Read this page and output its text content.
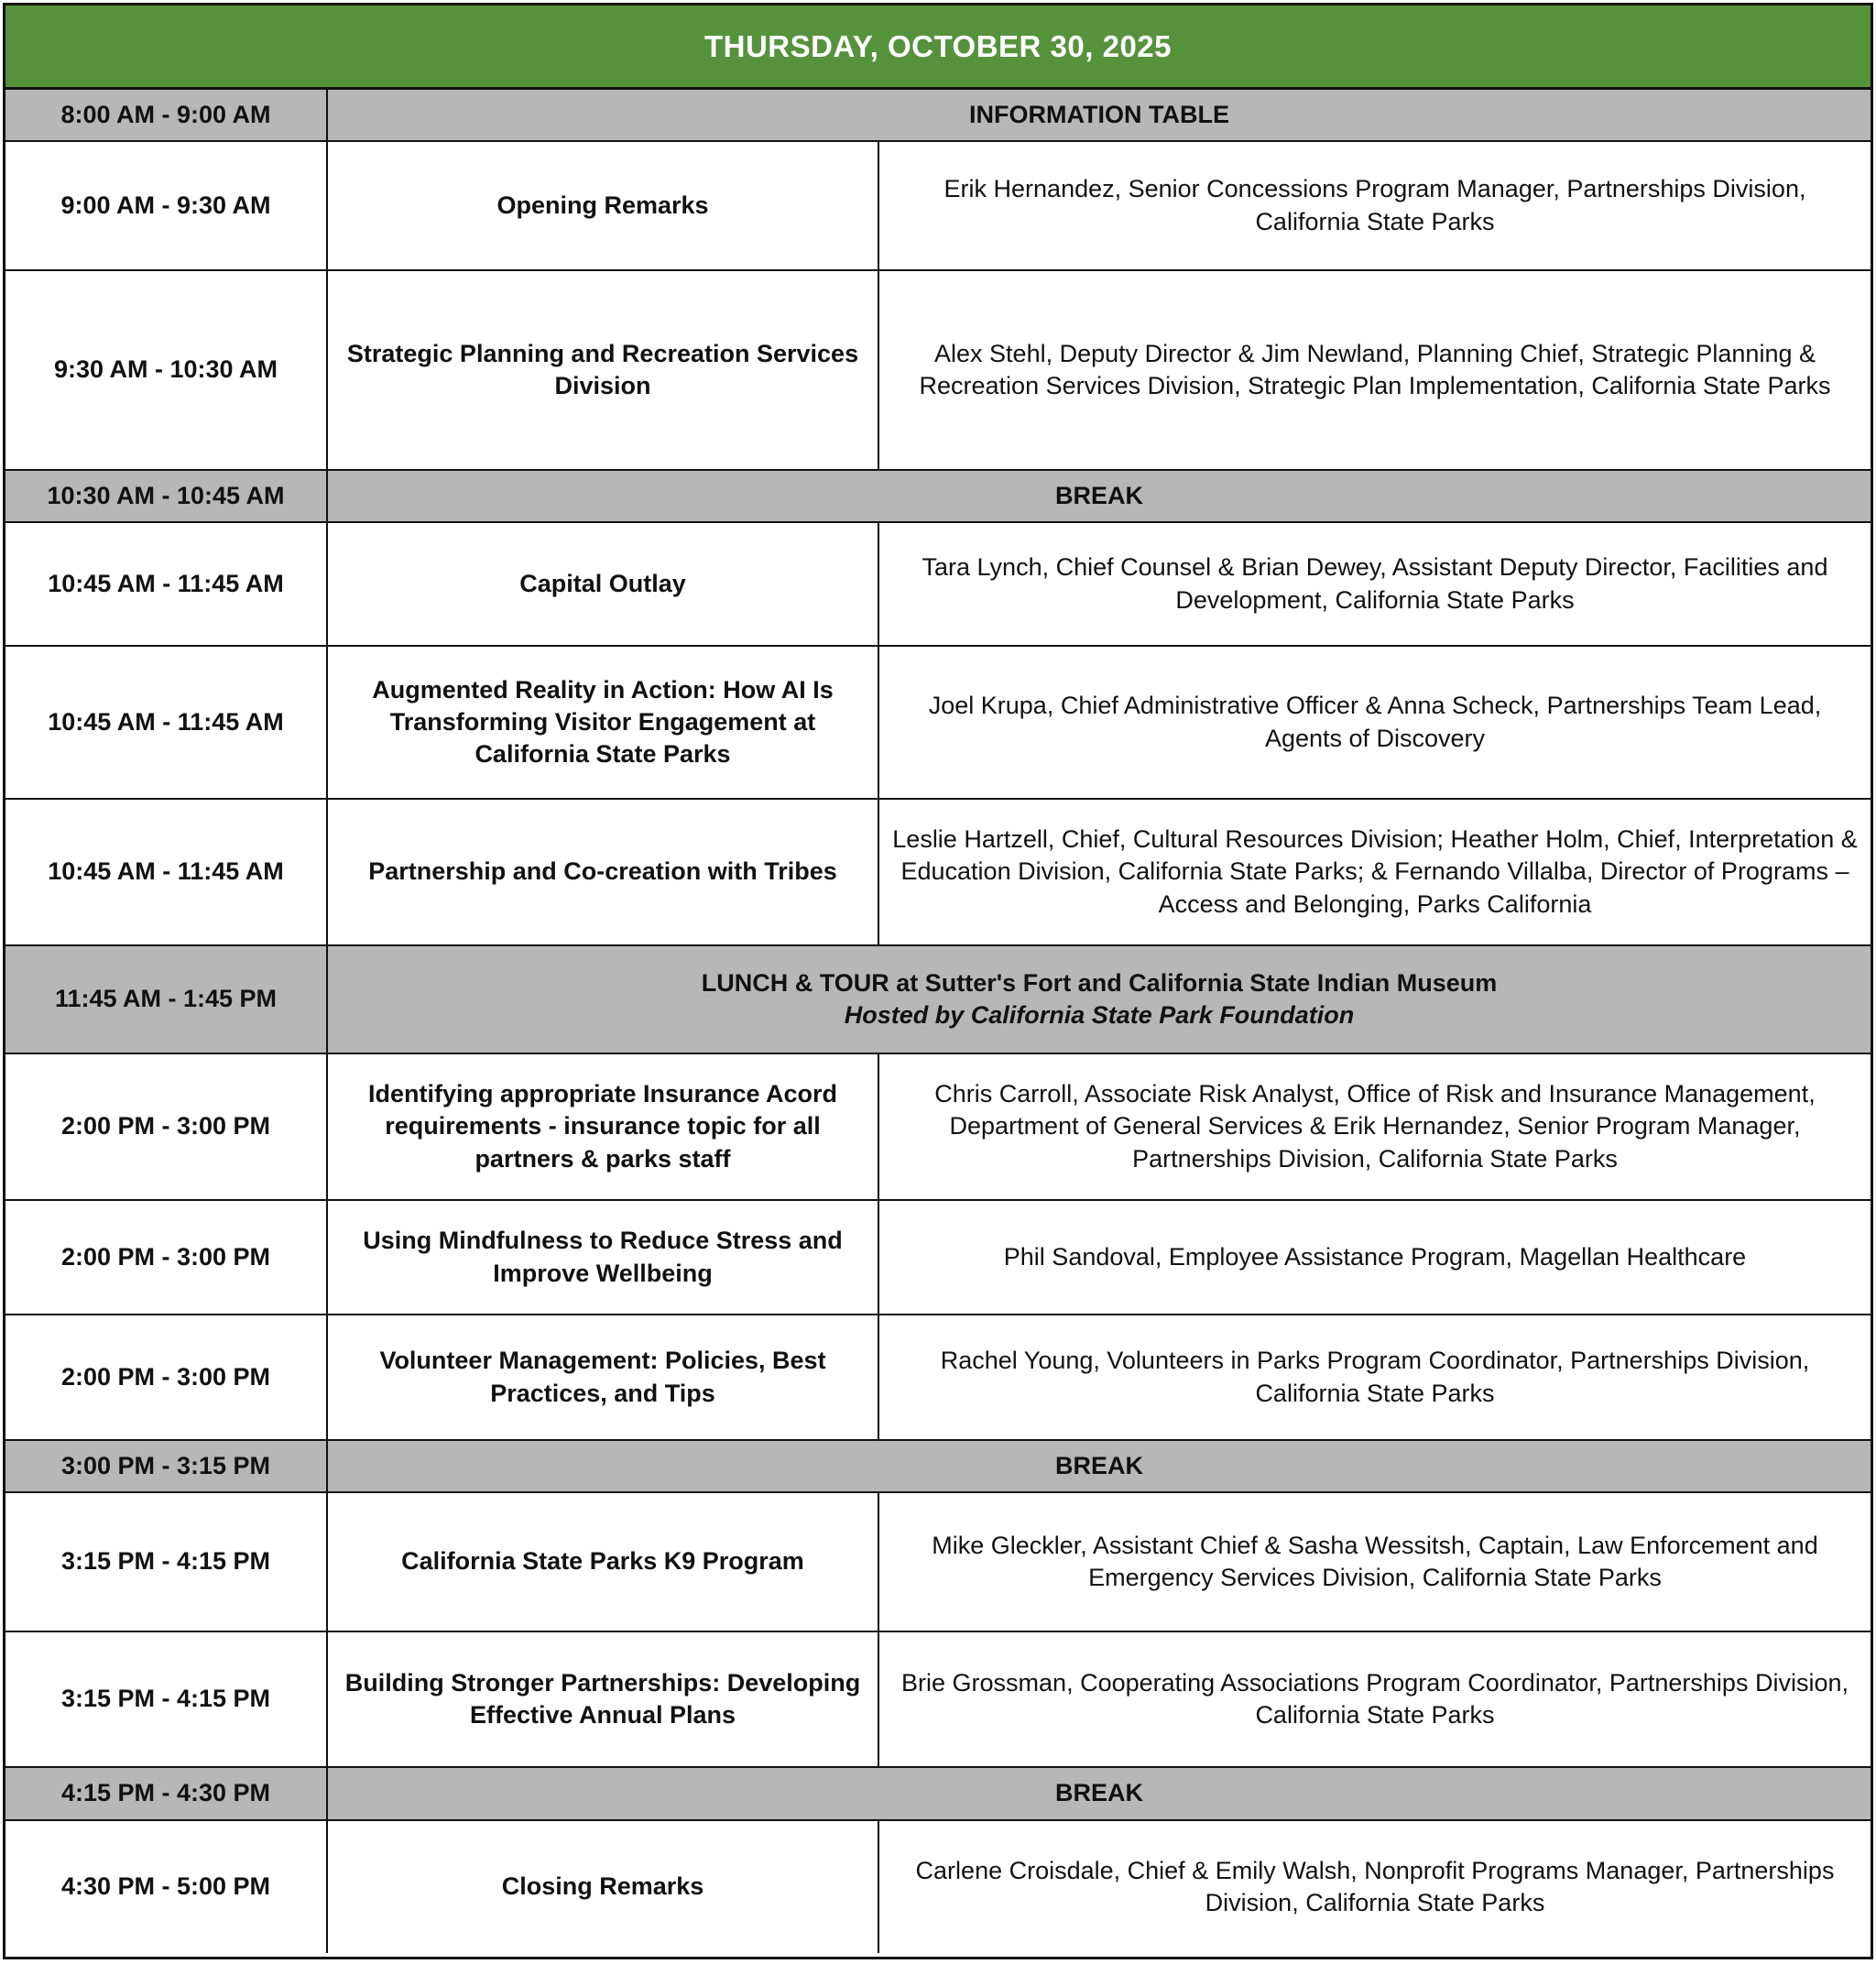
THURSDAY, OCTOBER 30, 2025
8:00 AM - 9:00 AM	INFORMATION TABLE	
9:00 AM - 9:30 AM	Opening Remarks	Erik Hernandez, Senior Concessions Program Manager, Partnerships Division, California State Parks
9:30 AM - 10:30 AM	Strategic Planning and Recreation Services Division	Alex Stehl, Deputy Director & Jim Newland, Planning Chief, Strategic Planning & Recreation Services Division, Strategic Plan Implementation, California State Parks
10:30 AM - 10:45 AM	BREAK	
10:45 AM - 11:45 AM	Capital Outlay	Tara Lynch, Chief Counsel & Brian Dewey, Assistant Deputy Director, Facilities and Development, California State Parks
10:45 AM - 11:45 AM	Augmented Reality in Action: How AI Is Transforming Visitor Engagement at California State Parks	Joel Krupa, Chief Administrative Officer & Anna Scheck, Partnerships Team Lead, Agents of Discovery
10:45 AM - 11:45 AM	Partnership and Co-creation with Tribes	Leslie Hartzell, Chief, Cultural Resources Division; Heather Holm, Chief, Interpretation & Education Division, California State Parks; & Fernando Villalba, Director of Programs – Access and Belonging, Parks California
11:45 AM - 1:45 PM	LUNCH & TOUR at Sutter's Fort and California State Indian Museum
Hosted by California State Park Foundation	

2:00 PM - 3:00 PM	Identifying appropriate Insurance Acord requirements - insurance topic for all partners & parks staff	Chris Carroll, Associate Risk Analyst, Office of Risk and Insurance Management, Department of General Services & Erik Hernandez, Senior Program Manager, Partnerships Division, California State Parks
2:00 PM - 3:00 PM	Using Mindfulness to Reduce Stress and Improve Wellbeing	Phil Sandoval, Employee Assistance Program, Magellan Healthcare
2:00 PM - 3:00 PM	Volunteer Management: Policies, Best Practices, and Tips	Rachel Young, Volunteers in Parks Program Coordinator, Partnerships Division, California State Parks
3:00 PM - 3:15 PM	BREAK	
3:15 PM - 4:15 PM	California State Parks K9 Program	Mike Gleckler, Assistant Chief & Sasha Wessitsh, Captain, Law Enforcement and Emergency Services Division, California State Parks
3:15 PM - 4:15 PM	Building Stronger Partnerships: Developing Effective Annual Plans	Brie Grossman, Cooperating Associations Program Coordinator, Partnerships Division, California State Parks
4:15 PM - 4:30 PM	BREAK	
4:30 PM - 5:00 PM	Closing Remarks	Carlene Croisdale, Chief & Emily Walsh, Nonprofit Programs Manager, Partnerships Division, California State Parks
